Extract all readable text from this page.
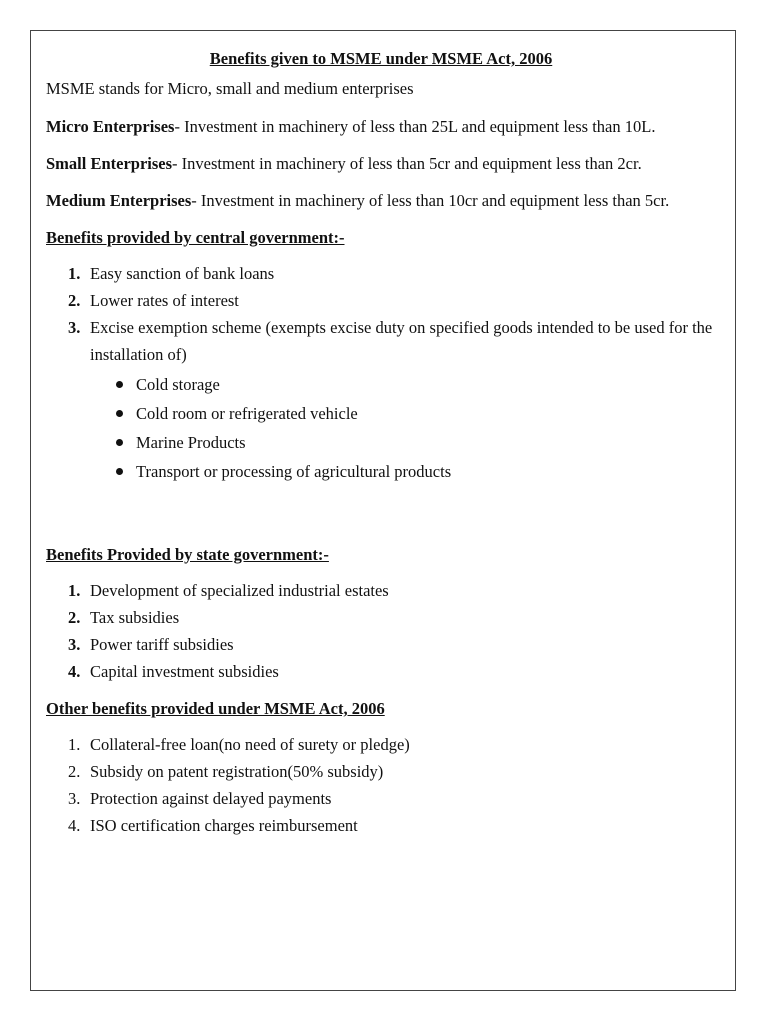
Benefits given to MSME under MSME Act, 2006

MSME stands for Micro, small and medium enterprises

Micro Enterprises- Investment in machinery of less than 25L and equipment less than 10L.

Small Enterprises- Investment in machinery of less than 5cr and equipment less than 2cr.

Medium Enterprises- Investment in machinery of less than 10cr and equipment less than 5cr.

Benefits provided by central government:-

1. Easy sanction of bank loans
2. Lower rates of interest
3. Excise exemption scheme (exempts excise duty on specified goods intended to be used for the installation of)
Cold storage
Cold room or refrigerated vehicle
Marine Products
Transport or processing of agricultural products

Benefits Provided by state government:-

1. Development of specialized industrial estates
2. Tax subsidies
3. Power tariff subsidies
4. Capital investment subsidies

Other benefits provided under MSME Act, 2006

1. Collateral-free loan(no need of surety or pledge)
2. Subsidy on patent registration(50% subsidy)
3. Protection against delayed payments
4. ISO certification charges reimbursement
